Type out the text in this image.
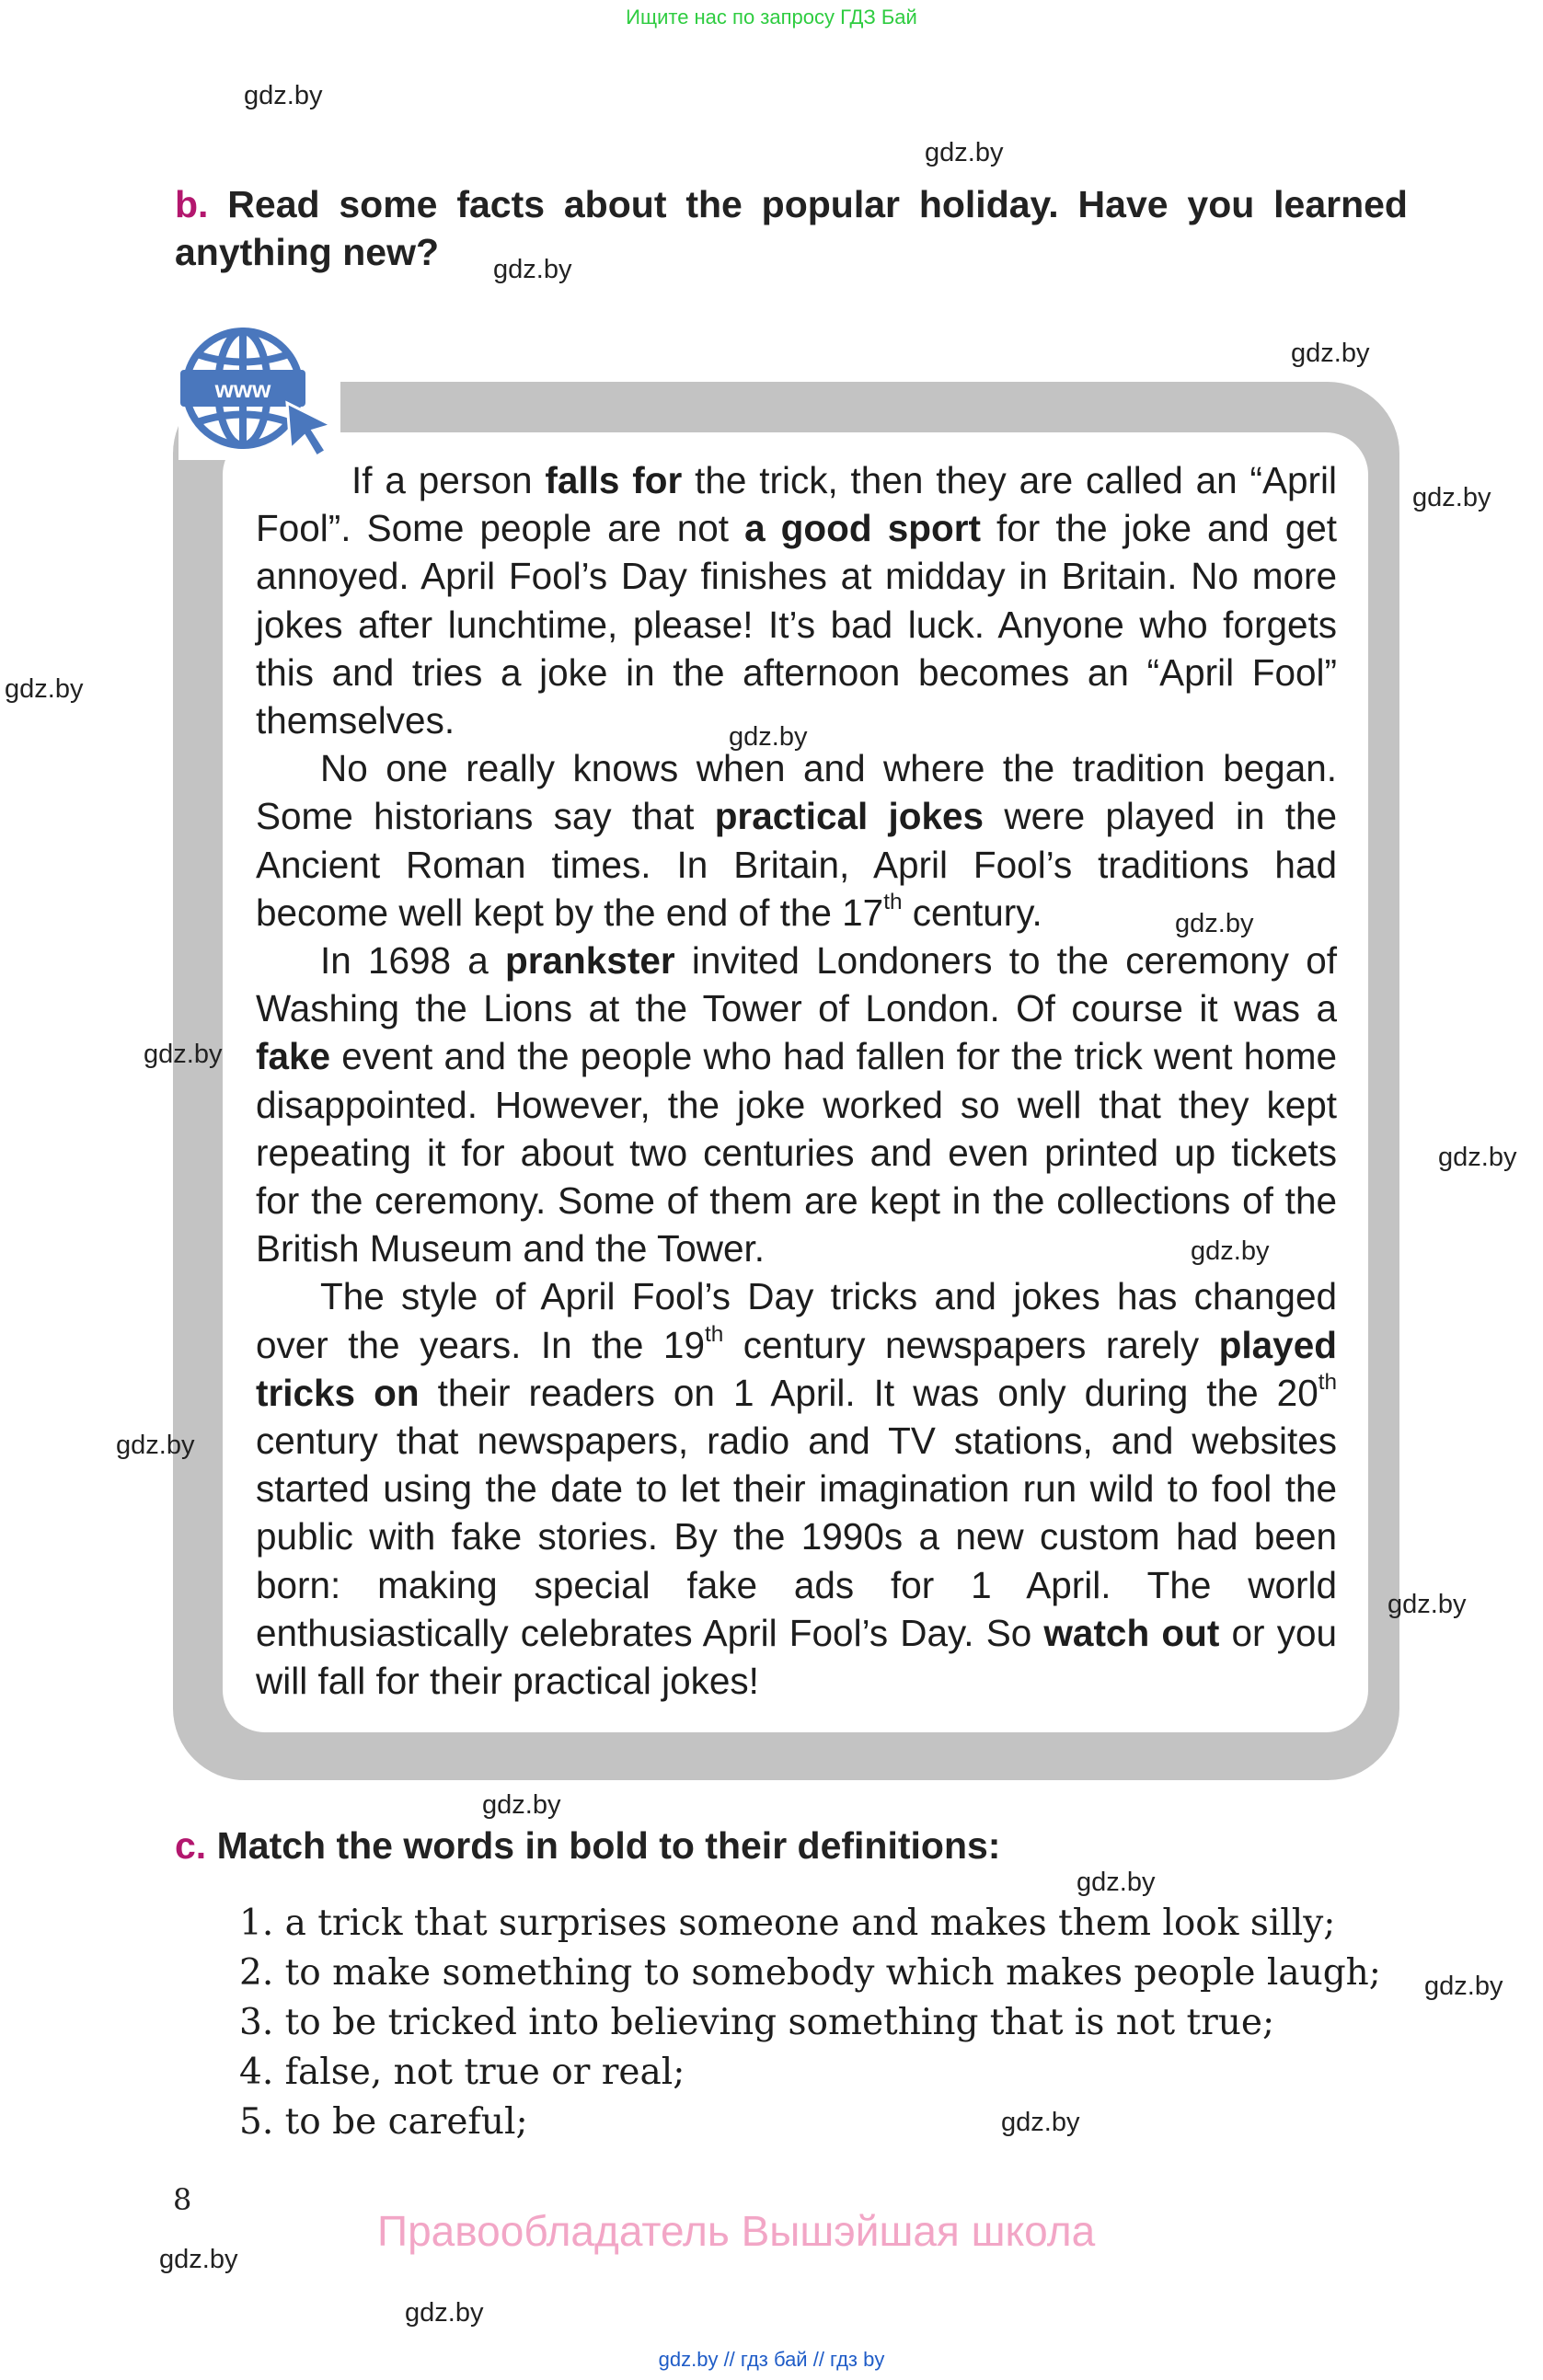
Ищите нас по запросу ГДЗ Бай
b. Read some facts about the popular holiday. Have you learned anything new?
www

If a person falls for the trick, then they are called an “April Fool”. Some people are not a good sport for the joke and get annoyed. April Fool’s Day finishes at midday in Britain. No more jokes after lunchtime, please! It’s bad luck. Anyone who forgets this and tries a joke in the afternoon becomes an “April Fool” themselves.

No one really knows when and where the tradition began. Some historians say that practical jokes were played in the Ancient Roman times. In Britain, April Fool’s traditions had become well kept by the end of the 17th century.

In 1698 a prankster invited Londoners to the ceremony of Washing the Lions at the Tower of London. Of course it was a fake event and the people who had fallen for the trick went home disappointed. However, the joke worked so well that they kept repeating it for about two centuries and even printed up tickets for the ceremony. Some of them are kept in the collections of the British Museum and the Tower.

The style of April Fool’s Day tricks and jokes has changed over the years. In the 19th century newspapers rarely played tricks on their readers on 1 April. It was only during the 20th century that newspapers, radio and TV stations, and websites started using the date to let their imagination run wild to fool the public with fake stories. By the 1990s a new custom had been born: making special fake ads for 1 April. The world enthusiastically celebrates April Fool’s Day. So watch out or you will fall for their practical jokes!

c. Match the words in bold to their definitions:
1. a trick that surprises someone and makes them look silly;
2. to make something to somebody which makes people laugh;
3. to be tricked into believing something that is not true;
4. false, not true or real;
5. to be careful;
8
Правообладатель Вышэйшая школа
gdz.by
gdz.by
gdz.by
gdz.by
gdz.by
gdz.by
gdz.by
gdz.by
gdz.by
gdz.by
gdz.by
gdz.by
gdz.by
gdz.by
gdz.by
gdz.by
gdz.by
gdz.by
gdz.by
gdz.by // гдз бай // гдз by
